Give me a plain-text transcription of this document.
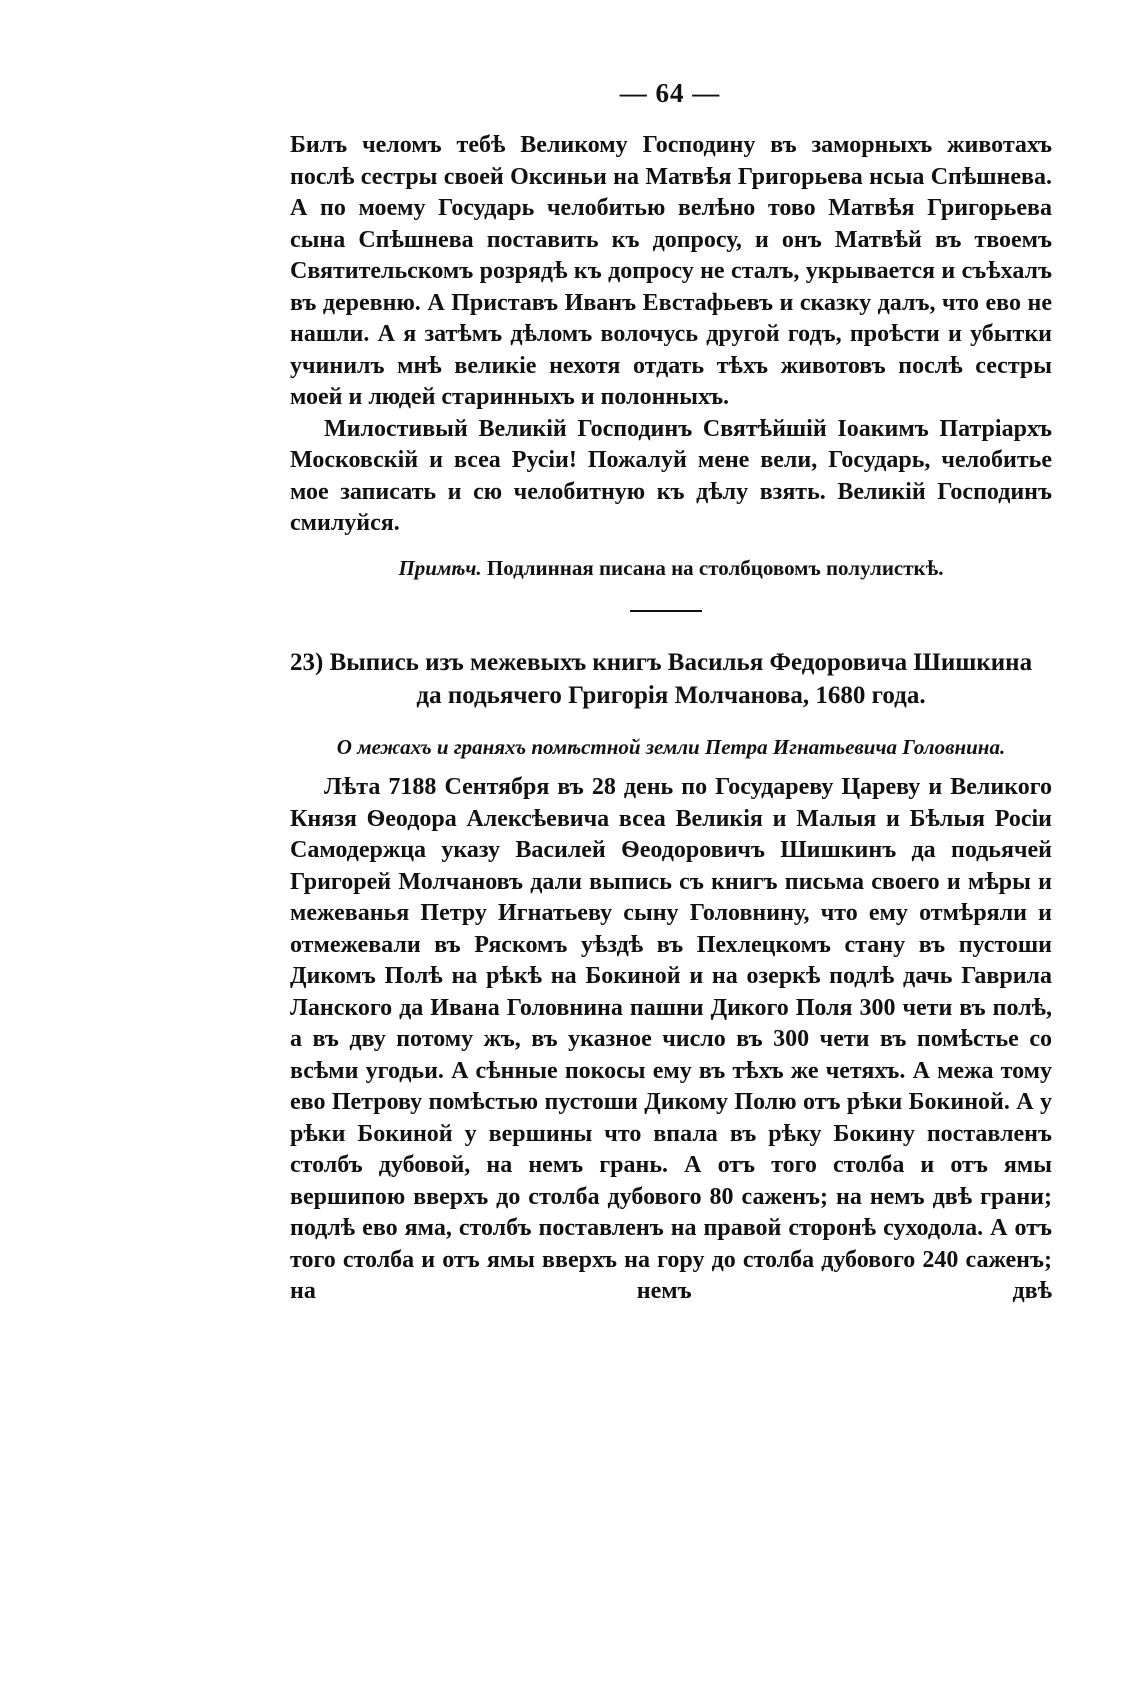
— 64 —

Билъ челомъ тебѣ Великому Господину въ заморныхъ животахъ послѣ сестры своей Оксиньи на Матвѣя Григорьева нсыа Спѣшнева. А по моему Государь челобитью велѣно тово Матвѣя Григорьева сына Спѣшнева поставить къ допросу, и онъ Матвѣй въ твоемъ Святительскомъ розрядѣ къ допросу не сталъ, укрывается и съѣхалъ въ деревню. А Приставъ Иванъ Евстафьевъ и сказку далъ, что ево не нашли. А я затѣмъ дѣломъ волочусь другой годъ, проѣсти и убытки учинилъ мнѣ великіе нехотя отдать тѣхъ животовъ послѣ сестры моей и людей старинныхъ и полонныхъ.

Милостивый Великій Господинъ Святѣйшій Іоакимъ Патріархъ Московскій и всеа Русіи! Пожалуй мене вели, Государь, челобитье мое записать и сю челобитную къ дѣлу взять. Великій Господинъ смилуйся.

Примѣч. Подлинная писана на столбцовомъ полулисткѣ.

23) Выпись изъ межевыхъ книгъ Василья Федоровича Шишкина
да подьячего Григорія Молчанова, 1680 года.

О межахъ и граняхъ помѣстной земли Петра Игнатьевича Головнина.

Лѣта 7188 Сентября въ 28 день по Государеву Цареву и Великого Князя Ѳеодора Алексѣевича всеа Великія и Малыя и Бѣлыя Росіи Самодержца указу Василей Ѳеодоровичъ Шишкинъ да подьячей Григорей Молчановъ дали выпись съ книгъ письма своего и мѣры и межеванья Петру Игнатьеву сыну Головнину, что ему отмѣряли и отмежевали въ Ряскомъ уѣздѣ въ Пехлецкомъ стану въ пустоши Дикомъ Полѣ на рѣкѣ на Бокиной и на озеркѣ подлѣ дачь Гаврила Ланского да Ивана Головнина пашни Дикого Поля 300 чети въ полѣ, а въ дву потому жъ, въ указное число въ 300 чети въ помѣстье со всѣми угодьи. А сѣнные покосы ему въ тѣхъ же четяхъ. А межа тому ево Петрову помѣстью пустоши Дикому Полю отъ рѣки Бокиной. А у рѣки Бокиной у вершины что впала въ рѣку Бокину поставленъ столбъ дубовой, на немъ грань. А отъ того столба и отъ ямы вершипою вверхъ до столба дубового 80 саженъ; на немъ двѣ грани; подлѣ ево яма, столбъ поставленъ на правой сторонѣ суходола. А отъ того столба и отъ ямы вверхъ на гору до столба дубового 240 саженъ; на немъ двѣ
